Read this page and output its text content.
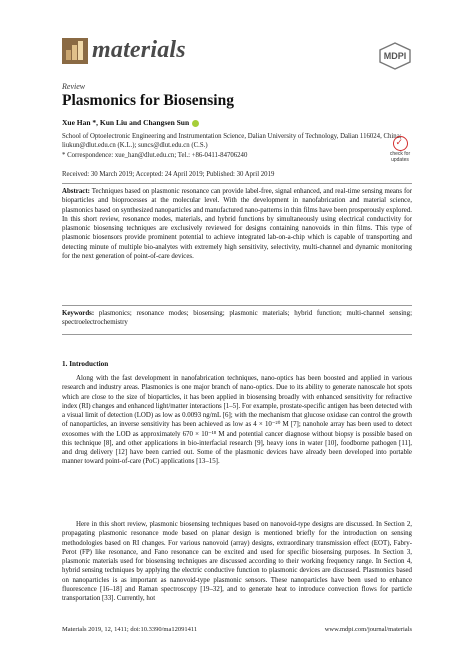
materials	MDPI
Review
Plasmonics for Biosensing
Xue Han *, Kun Liu and Changsen Sun
School of Optoelectronic Engineering and Instrumentation Science, Dalian University of Technology, Dalian 116024, China; liukun@dlut.edu.cn (K.L.); suncs@dlut.edu.cn (C.S.)
* Correspondence: xue_han@dlut.edu.cn; Tel.: +86-0411-84706240
✓
check for updates
Received: 30 March 2019; Accepted: 24 April 2019; Published: 30 April 2019
Abstract: Techniques based on plasmonic resonance can provide label-free, signal enhanced, and real-time sensing means for bioparticles and bioprocesses at the molecular level. With the development in nanofabrication and material science, plasmonics based on synthesized nanoparticles and manufactured nano-patterns in thin films have been prosperously explored. In this short review, resonance modes, materials, and hybrid functions by simultaneously using electrical conductivity for plasmonic biosensing techniques are exclusively reviewed for designs containing nanovoids in thin films. This type of plasmonic biosensors provide prominent potential to achieve integrated lab-on-a-chip which is capable of transporting and detecting minute of multiple bio-analytes with extremely high sensitivity, selectivity, multi-channel and dynamic monitoring for the next generation of point-of-care devices.
Keywords: plasmonics; resonance modes; biosensing; plasmonic materials; hybrid function; multi-channel sensing; spectroelectrochemistry
1. Introduction
Along with the fast development in nanofabrication techniques, nano-optics has been boosted and applied in various research and industry areas. Plasmonics is one major branch of nano-optics. Due to its ability to generate nanoscale hot spots which are close to the size of bioparticles, it has been applied in biosensing broadly with enhanced sensitivity for refractive index (RI) changes and enhanced light/matter interactions [1–5]. For example, prostate-specific antigen has been detected with a visual limit of detection (LOD) as low as 0.0093 ng/mL [6]; with the mechanism that glucose oxidase can control the growth of nanoparticles, an inverse sensitivity has been achieved as low as 4 × 10⁻²⁰ M [7]; nanohole array has been used to detect exosomes with the LOD as approximately 670 × 10⁻¹⁸ M and potential cancer diagnose without biopsy is possible based on this technique [8], and other applications in bio-interfacial research [9], heavy ions in water [10], foodborne pathogen [11], and drug delivery [12] have been carried out. Some of the plasmonic devices have already been developed into portable manner toward point-of-care (PoC) applications [13–15].
Here in this short review, plasmonic biosensing techniques based on nanovoid-type designs are discussed. In Section 2, propagating plasmonic resonance mode based on planar design is mentioned briefly for the introduction on sensing methodologies based on RI changes. For various nanovoid (array) designs, extraordinary transmission effect (EOT), Fabry-Perot (FP) like resonance, and Fano resonance can be excited and used for specific biosensing purposes. In Section 3, plasmonic materials used for biosensing techniques are discussed according to their working frequency range. In Section 4, hybrid sensing techniques by applying the electric conductive function to plasmonic devices are discussed. Plasmonics based on nanoparticles is as important as nanovoid-type plasmonic sensors. These nanoparticles have been used to enhance fluorescence [16–18] and Raman spectroscopy [19–32], and to generate heat to introduce convection flows for particle transportation [33]. Currently, hot
Materials 2019, 12, 1411; doi:10.3390/ma12091411	www.mdpi.com/journal/materials
